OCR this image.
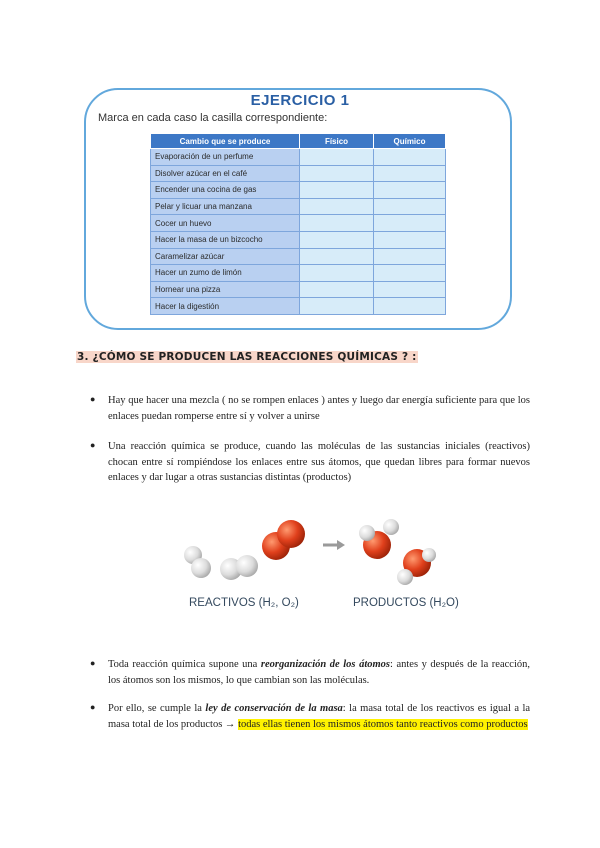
EJERCICIO 1
Marca en cada caso la casilla correspondiente:
Cambio que se produce	Físico	Químico
Evaporación de un perfume		
Disolver azúcar en el café		
Encender una cocina de gas		
Pelar y licuar una manzana		
Cocer un huevo		
Hacer la masa de un bizcocho		
Caramelizar azúcar		
Hacer un zumo de limón		
Hornear una pizza		
Hacer la digestión		
3. ¿CÓMO SE PRODUCEN LAS REACCIONES QUÍMICAS ? :
● Hay que hacer una mezcla ( no se rompen enlaces ) antes y luego dar energía suficiente para que los enlaces puedan romperse entre sí y volver a unirse
● Una reacción química se produce, cuando las moléculas de las sustancias iniciales (reactivos) chocan entre sí rompiéndose los enlaces entre sus átomos, que quedan libres para formar nuevos enlaces y dar lugar a otras sustancias distintas (productos)
REACTIVOS (H₂, O₂)	PRODUCTOS (H₂O)
● Toda reacción química supone una reorganización de los átomos: antes y después de la reacción, los átomos son los mismos, lo que cambian son las moléculas.
● Por ello, se cumple la ley de conservación de la masa: la masa total de los reactivos es igual a la masa total de los productos → todas ellas tienen los mismos átomos tanto reactivos como productos
